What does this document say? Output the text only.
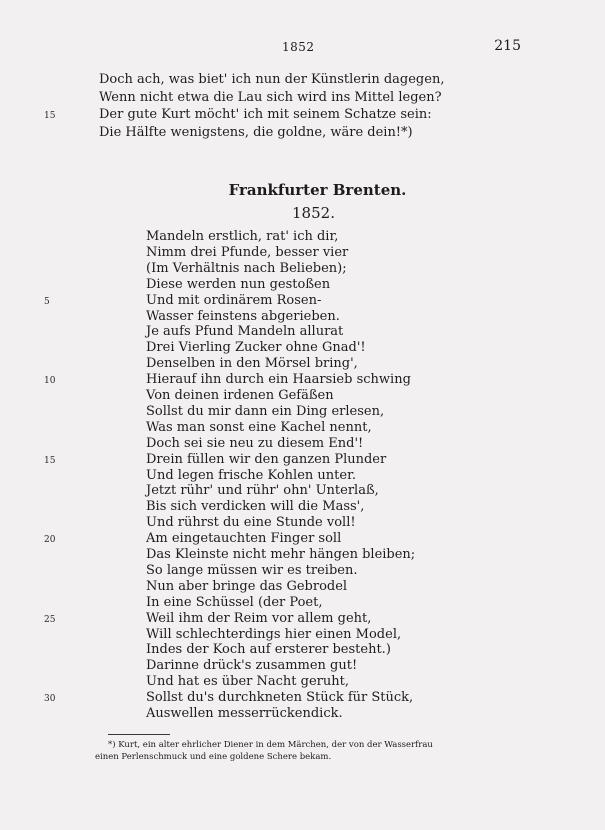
1852	215
Doch ach, was biet' ich nun der Künstlerin dagegen,
Wenn nicht etwa die Lau sich wird ins Mittel legen?
Der gute Kurt möcht' ich mit seinem Schatze sein:
Die Hälfte wenigstens, die goldne, wäre dein!*)
15
Frankfurter Brenten.
1852.
Mandeln erstlich, rat' ich dir,
Nimm drei Pfunde, besser vier
(Im Verhältnis nach Belieben);
Diese werden nun gestoßen
Und mit ordinärem Rosen-
Wasser feinstens abgerieben.
Je aufs Pfund Mandeln allurat
Drei Vierling Zucker ohne Gnad'!
Denselben in den Mörsel bring',
Hierauf ihn durch ein Haarsieb schwing
Von deinen irdenen Gefäßen
Sollst du mir dann ein Ding erlesen,
Was man sonst eine Kachel nennt,
Doch sei sie neu zu diesem End'!
Drein füllen wir den ganzen Plunder
Und legen frische Kohlen unter.
Jetzt rühr' und rühr' ohn' Unterlaß,
Bis sich verdicken will die Mass',
Und rührst du eine Stunde voll!
Am eingetauchten Finger soll
Das Kleinste nicht mehr hängen bleiben;
So lange müssen wir es treiben.
Nun aber bringe das Gebrodel
In eine Schüssel (der Poet,
Weil ihm der Reim vor allem geht,
Will schlechterdings hier einen Model,
Indes der Koch auf ersterer besteht.)
Darinne drück's zusammen gut!
Und hat es über Nacht geruht,
Sollst du's durchkneten Stück für Stück,
Auswellen messerrückendick.
5
10
15
20
25
30
*) Kurt, ein alter ehrlicher Diener in dem Märchen, der von der Wasserfrau
einen Perlenschmuck und eine goldene Schere bekam.
